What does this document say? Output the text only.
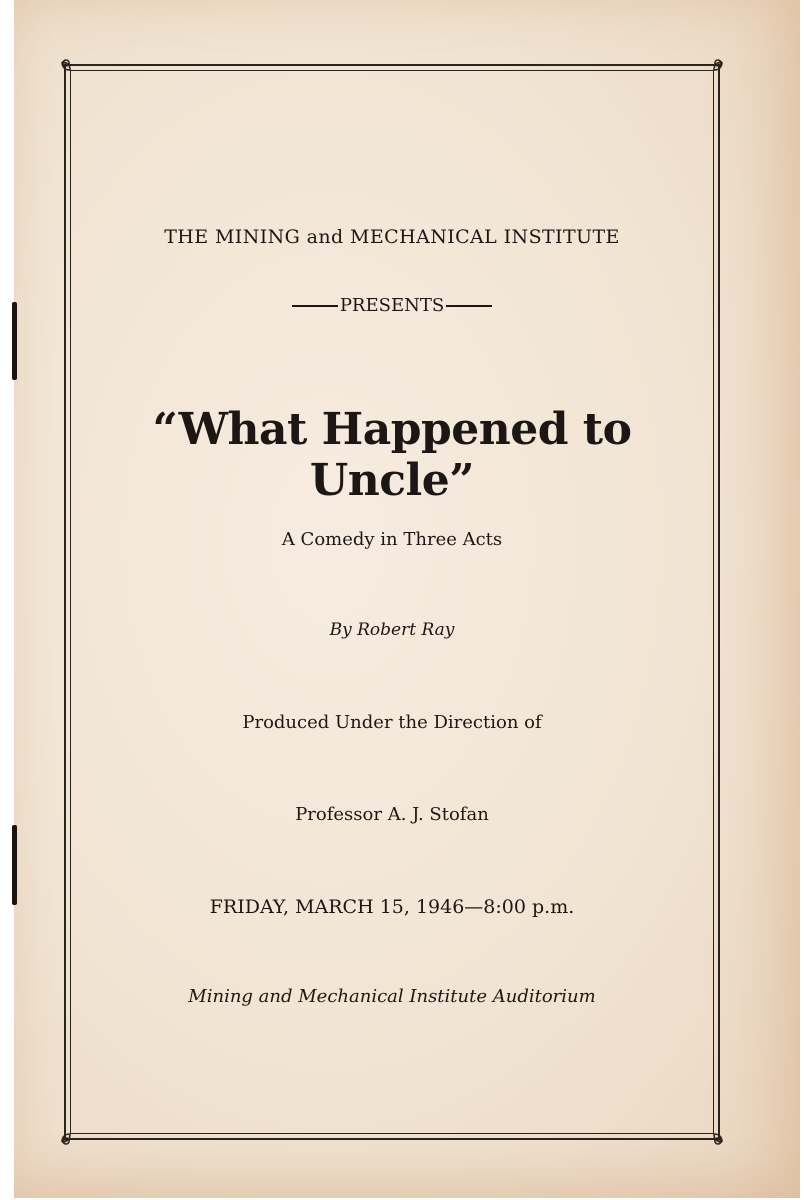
THE MINING and MECHANICAL INSTITUTE
PRESENTS
“What Happened to Uncle”
A Comedy in Three Acts
By Robert Ray
Produced Under the Direction of
Professor A. J. Stofan
FRIDAY, MARCH 15, 1946—8:00 p.m.
Mining and Mechanical Institute Auditorium
